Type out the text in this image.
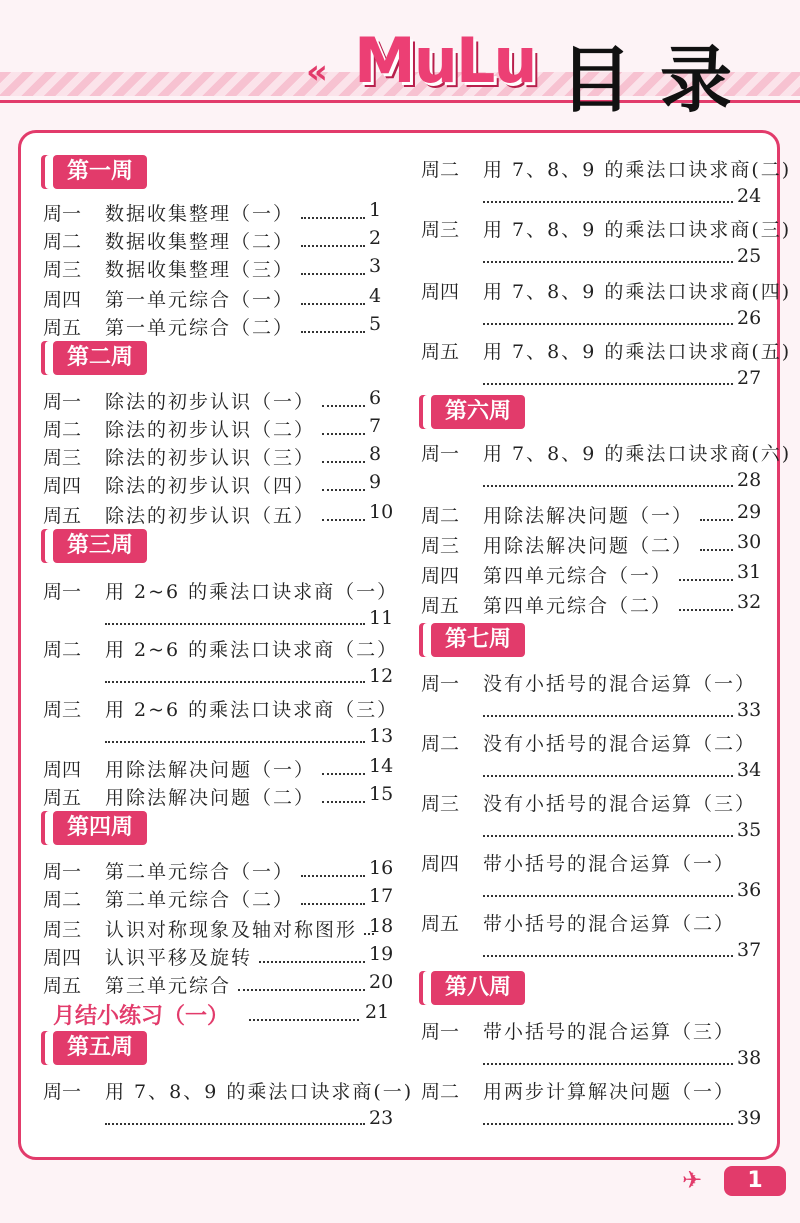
« MuLu 目录
第一周
周一 数据收集整理（一）	1
周二 数据收集整理（二）	2
周三 数据收集整理（三）	3
周四 第一单元综合（一）	4
周五 第一单元综合（二）	5
第二周
周一 除法的初步认识（一）	6
周二 除法的初步认识（二）	7
周三 除法的初步认识（三）	8
周四 除法的初步认识（四）	9
周五 除法的初步认识（五）	10
第三周
周一 用 2~6 的乘法口诀求商（一）
11
周二 用 2~6 的乘法口诀求商（二）
12
周三 用 2~6 的乘法口诀求商（三）
13
周四 用除法解决问题（一）	14
周五 用除法解决问题（二）	15
第四周
周一 第二单元综合（一）	16
周二 第二单元综合（二）	17
周三 认识对称现象及轴对称图形 18
周四 认识平移及旋转	19
周五 第三单元综合	20
月结小练习（一）	21
第五周
周一 用 7、8、9 的乘法口诀求商(一)
23
周二 用 7、8、9 的乘法口诀求商(二)
24
周三 用 7、8、9 的乘法口诀求商(三)
25
周四 用 7、8、9 的乘法口诀求商(四)
26
周五 用 7、8、9 的乘法口诀求商(五)
27
第六周
周一 用 7、8、9 的乘法口诀求商(六)
28
周二 用除法解决问题（一） 29
周三 用除法解决问题（二） 30
周四 第四单元综合（一）	31
周五 第四单元综合（二）	32
第七周
周一 没有小括号的混合运算（一）
33
周二 没有小括号的混合运算（二）
34
周三 没有小括号的混合运算（三）
35
周四 带小括号的混合运算（一）
36
周五 带小括号的混合运算（二）
37
第八周
周一 带小括号的混合运算（三）
38
周二 用两步计算解决问题（一）
39
✈	1
